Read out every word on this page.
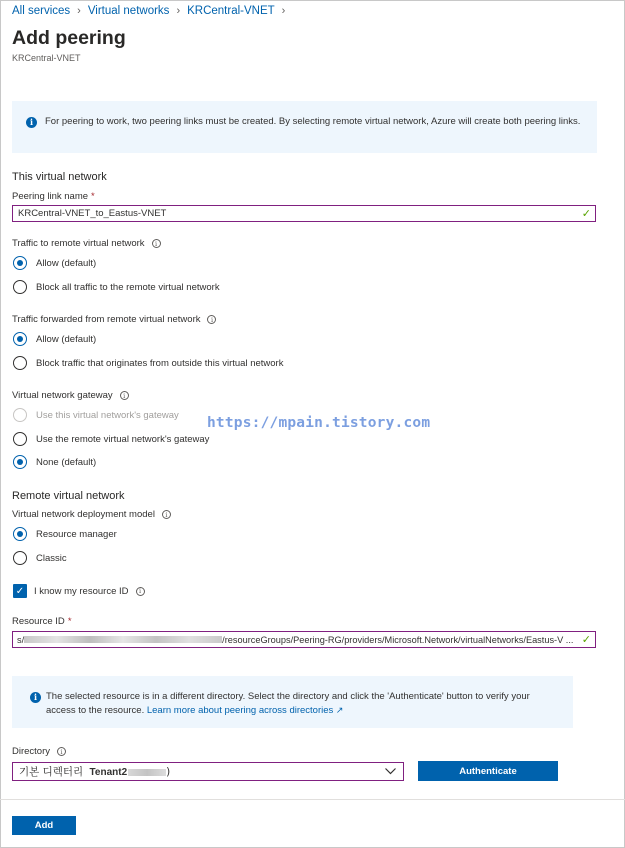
All services › Virtual networks › KRCentral-VNET ›
Add peering
KRCentral-VNET
i	For peering to work, two peering links must be created. By selecting remote virtual network, Azure will create both peering links.
This virtual network
Peering link name *
KRCentral-VNET_to_Eastus-VNET	✓
Traffic to remote virtual network	i
Allow (default)
Block all traffic to the remote virtual network
Traffic forwarded from remote virtual network	i
Allow (default)
Block traffic that originates from outside this virtual network
Virtual network gateway	i
Use this virtual network's gateway
Use the remote virtual network's gateway
None (default)
Remote virtual network
Virtual network deployment model	i
Resource manager
Classic
✓ I know my resource ID	i
Resource ID *
s/	/resourceGroups/Peering-RG/providers/Microsoft.Network/virtualNetworks/Eastus-V ... ✓
i The selected resource is in a different directory. Select the directory and click the 'Authenticate' button to verify your access to the resource. Learn more about peering across directories ↗
Directory	i
기본 디렉터리 Tenant2	)	Authenticate
Add
https://mpain.tistory.com
